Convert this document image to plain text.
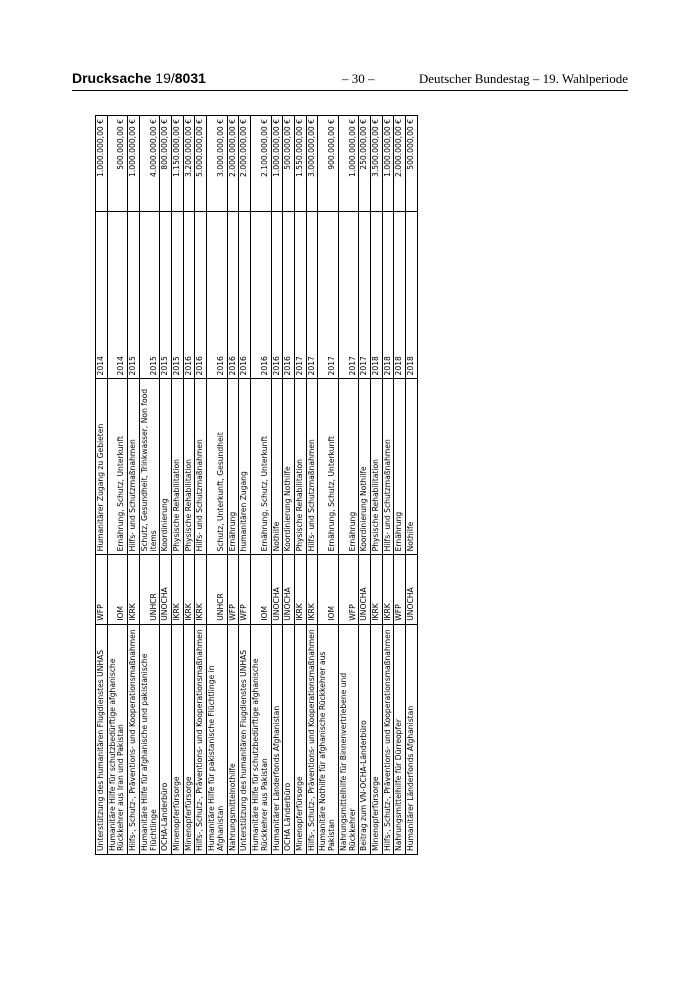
Drucksache 19/8031	– 30 –	Deutscher Bundestag – 19. Wahlperiode
Unterstützung des humanitären Flugdienstes UNHAS	WFP	Humanitärer Zugang zu Gebieten	2014	1.000.000,00 €
Humanitäre Hilfe für schutzbedürftige afghanische Rückkehrer aus Iran und Pakistan	IOM	Ernährung, Schutz, Unterkunft	2014	500.000,00 €
Hilfs-, Schutz-, Präventions- und Kooperationsmaßnahmen	IKRK	Hilfs- und Schutzmaßnahmen	2015	1.000.000,00 €
Humanitäre Hilfe für afghanische und pakistanische Flüchtlinge	UNHCR	Schutz, Gesundheit, Trinkwasser, Non food items	2015	4.000.000,00 €
OCHA-Länderbüro	UNOCHA	Koordinierung	2015	800.000,00 €
Minenopferfürsorge	IKRK	Physische Rehabilitation	2015	1.150.000,00 €
Minenopferfürsorge	IKRK	Physische Rehabilitation	2016	3.200.000,00 €
Hilfs-, Schutz-, Präventions- und Kooperationsmaßnahmen	IKRK	Hilfs- und Schutzmaßnahmen	2016	5.000.000,00 €
Humanitäre Hilfe für pakistanische Flüchtlinge in Afghanistan	UNHCR	Schutz, Unterkunft, Gesundheit	2016	3.000.000,00 €
Nahrungsmittelnothilfe	WFP	Ernährung	2016	2.000.000,00 €
Unterstützung des humanitären Flugdienstes UNHAS	WFP	humanitären Zugang	2016	2.000.000,00 €
Humanitäre Hilfe für schutzbedürftige afghanische Rückkehrer aus Pakistan	IOM	Ernährung, Schutz, Unterkunft	2016	2.100.000,00 €
Humanitärer Länderfonds Afghanistan	UNOCHA	Nothilfe	2016	1.000.000,00 €
OCHA Länderbüro	UNOCHA	Koordinierung Nothilfe	2016	500.000,00 €
Minenopferfürsorge	IKRK	Physische Rehabilitation	2017	1.550.000,00 €
Hilfs-, Schutz-, Präventions- und Kooperationsmaßnahmen	IKRK	Hilfs- und Schutzmaßnahmen	2017	3.000.000,00 €
Humanitäre Nothilfe für afghanische Rückkehrer aus Pakistan	IOM	Ernährung, Schutz, Unterkunft	2017	900.000,00 €
Nahrungsmittelhilfe für Binnenvertriebene und Rückkehrer	WFP	Ernährung	2017	1.000.000,00 €
Beitrag zum VN-OCHA-Länderbüro	UNOCHA	Koordinierung Nothilfe	2017	250.000,00 €
Minenopferfürsorge	IKRK	Physische Rehabilitation	2018	3.500.000,00 €
Hilfs-, Schutz-, Präventions- und Kooperationsmaßnahmen	IKRK	Hilfs- und Schutzmaßnahmen	2018	1.000.000,00 €
Nahrungsmittelhilfe für Dürreopfer	WFP	Ernährung	2018	2.000.000,00 €
Humanitärer Länderfonds Afghanistan	UNOCHA	Nothilfe	2018	500.000,00 €
